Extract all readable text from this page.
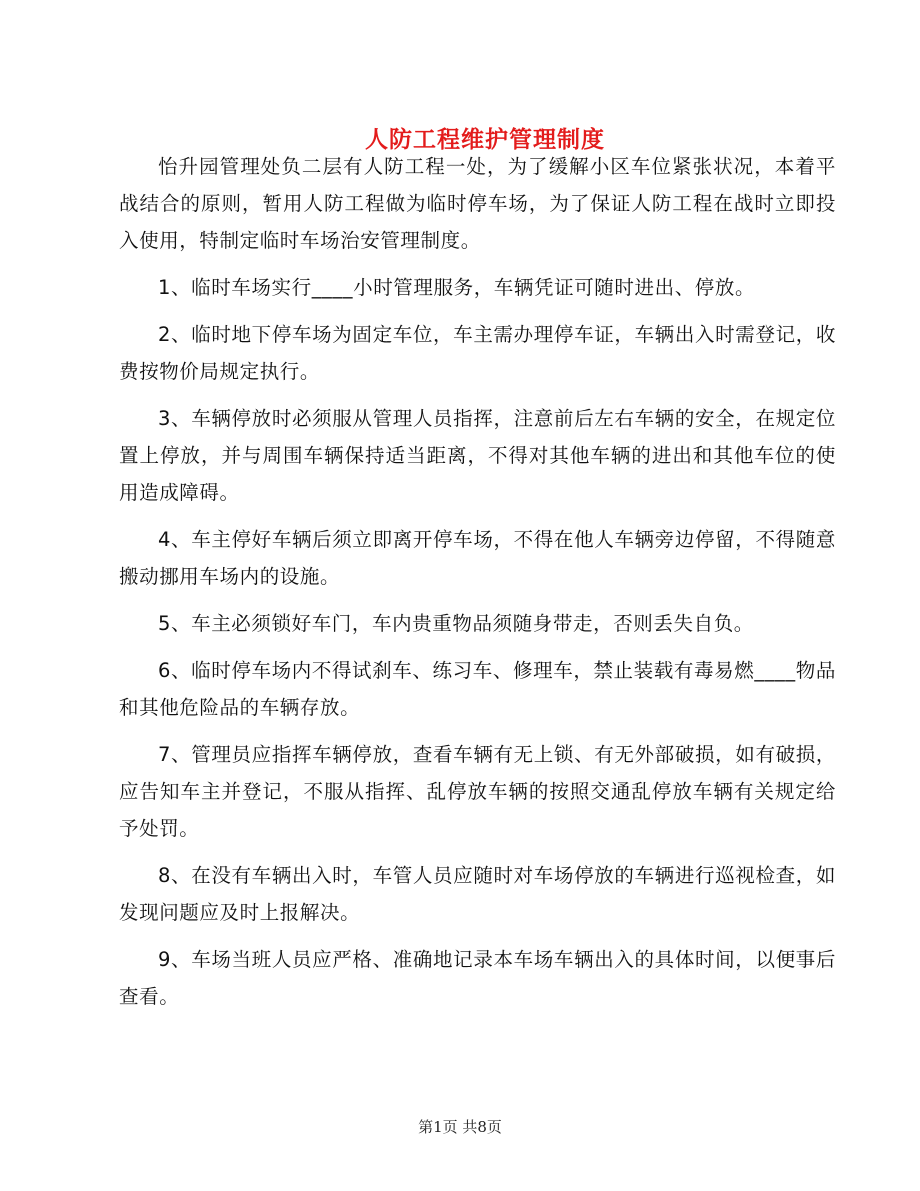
人防工程维护管理制度

怡升园管理处负二层有人防工程一处，为了缓解小区车位紧张状况，本着平战结合的原则，暂用人防工程做为临时停车场，为了保证人防工程在战时立即投入使用，特制定临时车场治安管理制度。

1、临时车场实行____小时管理服务，车辆凭证可随时进出、停放。

2、临时地下停车场为固定车位，车主需办理停车证，车辆出入时需登记，收费按物价局规定执行。

3、车辆停放时必须服从管理人员指挥，注意前后左右车辆的安全，在规定位置上停放，并与周围车辆保持适当距离，不得对其他车辆的进出和其他车位的使用造成障碍。

4、车主停好车辆后须立即离开停车场，不得在他人车辆旁边停留，不得随意搬动挪用车场内的设施。

5、车主必须锁好车门，车内贵重物品须随身带走，否则丢失自负。

6、临时停车场内不得试刹车、练习车、修理车，禁止装载有毒易燃____物品和其他危险品的车辆存放。

7、管理员应指挥车辆停放，查看车辆有无上锁、有无外部破损，如有破损，应告知车主并登记，不服从指挥、乱停放车辆的按照交通乱停放车辆有关规定给予处罚。

8、在没有车辆出入时，车管人员应随时对车场停放的车辆进行巡视检查，如发现问题应及时上报解决。

9、车场当班人员应严格、准确地记录本车场车辆出入的具体时间，以便事后查看。

第1页 共8页
